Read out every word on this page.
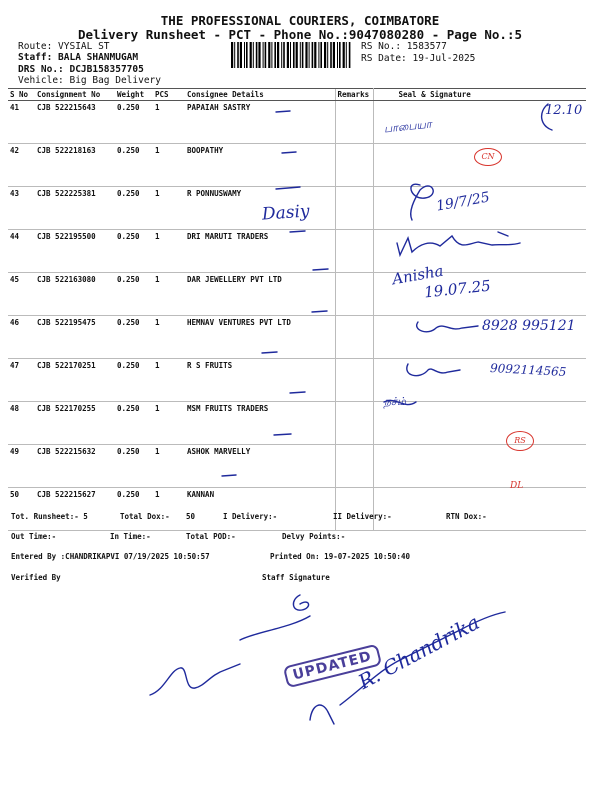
THE PROFESSIONAL COURIERS, COIMBATORE
Delivery Runsheet - PCT - Phone No.:9047080280 - Page No.:5
Route: VYSIAL ST
Staff: BALA SHANMUGAM
DRS No.: DCJB158357705
Vehicle: Big Bag Delivery
RS No.: 1583577
RS Date: 19-Jul-2025
S No	Consignment No	Weight	PCS	Consignee Details	Remarks	Seal & Signature
41	CJB 522215643	0.250	1	PAPAIAH SASTRY		
42	CJB 522218163	0.250	1	BOOPATHY		
43	CJB 522225381	0.250	1	R PONNUSWAMY		
44	CJB 522195500	0.250	1	DRI MARUTI TRADERS		
45	CJB 522163080	0.250	1	DAR JEWELLERY PVT LTD		
46	CJB 522195475	0.250	1	HEMNAV VENTURES PVT LTD		
47	CJB 522170251	0.250	1	R S FRUITS		
48	CJB 522170255	0.250	1	MSM FRUITS TRADERS		
49	CJB 522215632	0.250	1	ASHOK MARVELLY		
50	CJB 522215627	0.250	1	KANNAN		
பாபையா
12.10
CN
19/7/25
Dasiy
Anisha
19.07.25
8928 995121
9092114565
நச்ம்
RS
DL
UPDATED
R. Chandrika
Tot. Runsheet:- 5	Total Dox:- 50	I Delivery:-	II Delivery:-	RTN Dox:-
Out Time:-	In Time:-	Total POD:-	Delvy Points:-
Entered By :CHANDRIKAPVI 07/19/2025 10:50:57	Printed On: 19-07-2025 10:50:40
Verified By	Staff Signature
